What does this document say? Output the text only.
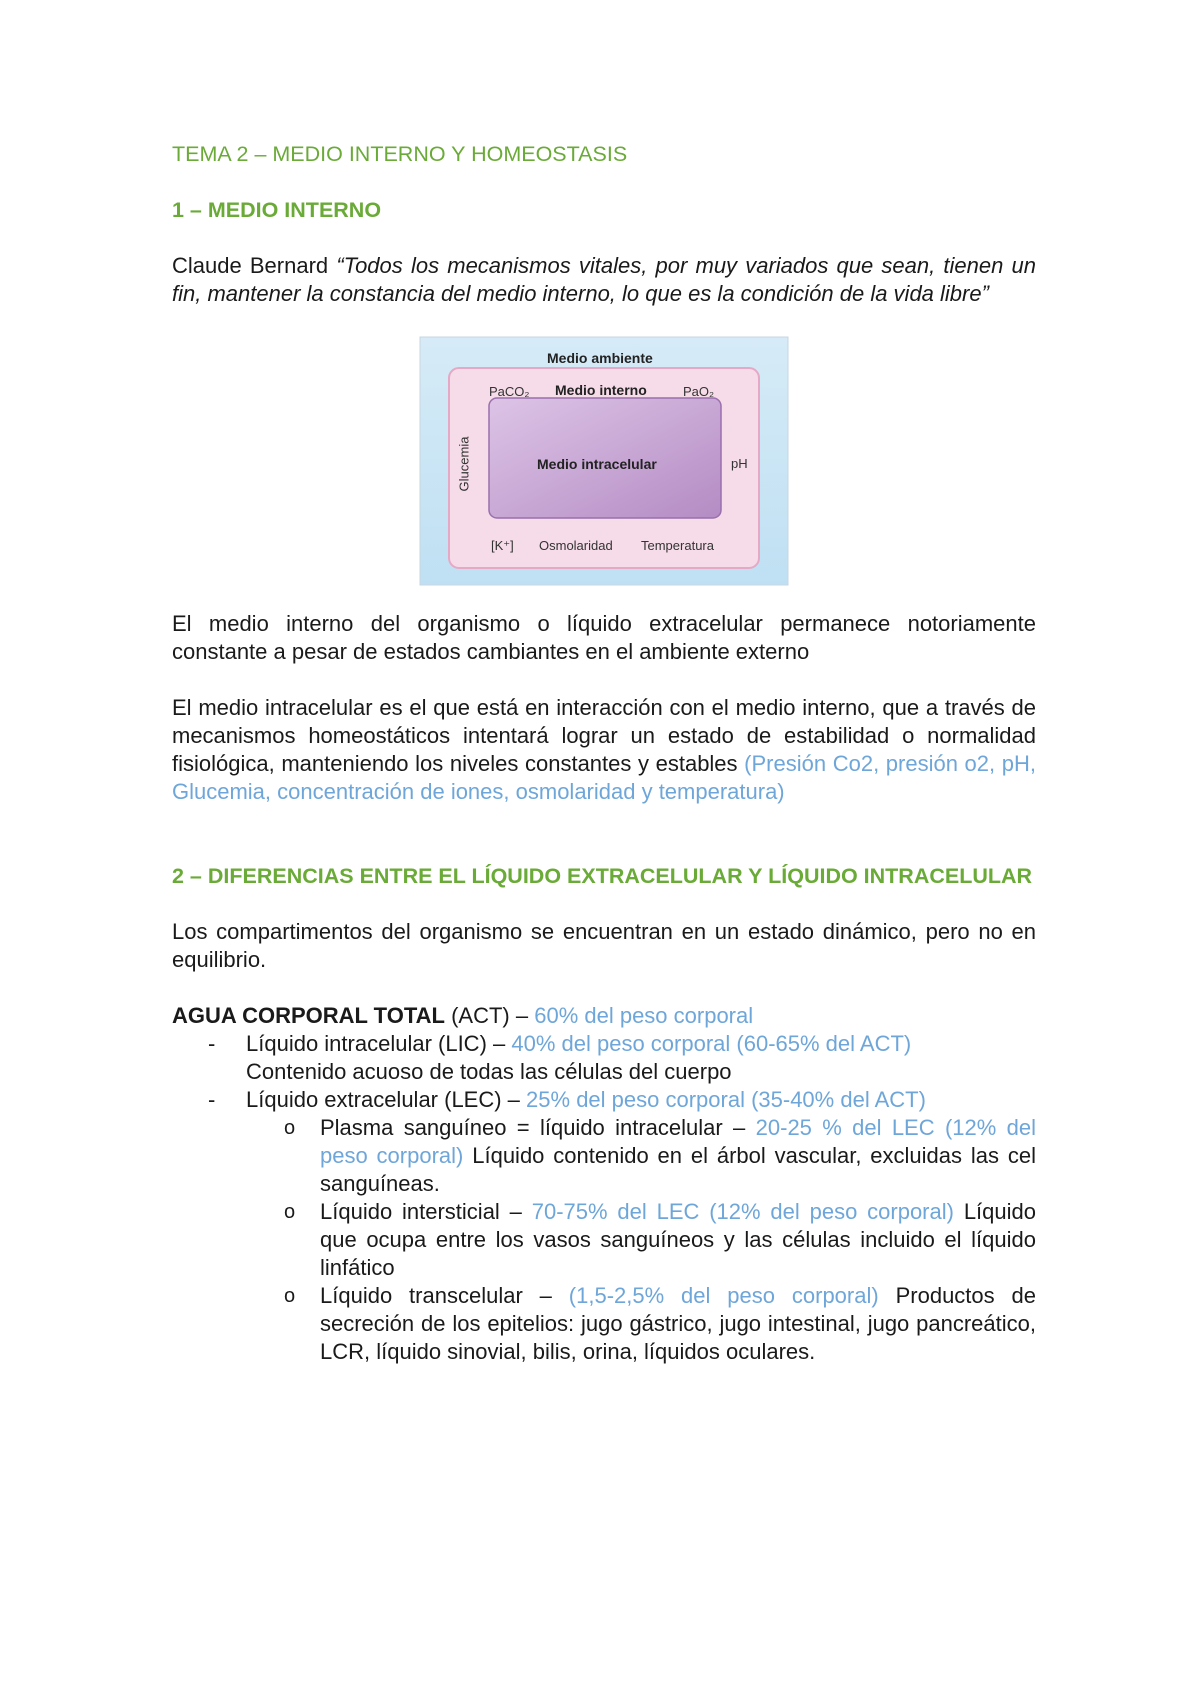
TEMA 2 – MEDIO INTERNO Y HOMEOSTASIS
1 – MEDIO INTERNO

Claude Bernard “Todos los mecanismos vitales, por muy variados que sean, tienen un fin, mantener la constancia del medio interno, lo que es la condición de la vida libre”

Medio ambiente
Medio interno
PaCO₂	PaO₂
Medio intracelular
Glucemia	pH
[K⁺] Osmolaridad Temperatura

El medio interno del organismo o líquido extracelular permanece notoriamente constante a pesar de estados cambiantes en el ambiente externo

El medio intracelular es el que está en interacción con el medio interno, que a través de mecanismos homeostáticos intentará lograr un estado de estabilidad o normalidad fisiológica, manteniendo los niveles constantes y estables (Presión Co2, presión o2, pH, Glucemia, concentración de iones, osmolaridad y temperatura)

2 – DIFERENCIAS ENTRE EL LÍQUIDO EXTRACELULAR Y LÍQUIDO INTRACELULAR

Los compartimentos del organismo se encuentran en un estado dinámico, pero no en equilibrio.

AGUA CORPORAL TOTAL (ACT) – 60% del peso corporal
- Líquido intracelular (LIC) – 40% del peso corporal (60-65% del ACT)
Contenido acuoso de todas las células del cuerpo
- Líquido extracelular (LEC) – 25% del peso corporal (35-40% del ACT)
o Plasma sanguíneo = líquido intracelular – 20-25 % del LEC (12% del peso corporal) Líquido contenido en el árbol vascular, excluidas las cel sanguíneas.
o Líquido intersticial – 70-75% del LEC (12% del peso corporal) Líquido que ocupa entre los vasos sanguíneos y las células incluido el líquido linfático
o Líquido transcelular – (1,5-2,5% del peso corporal) Productos de secreción de los epitelios: jugo gástrico, jugo intestinal, jugo pancreático, LCR, líquido sinovial, bilis, orina, líquidos oculares.
